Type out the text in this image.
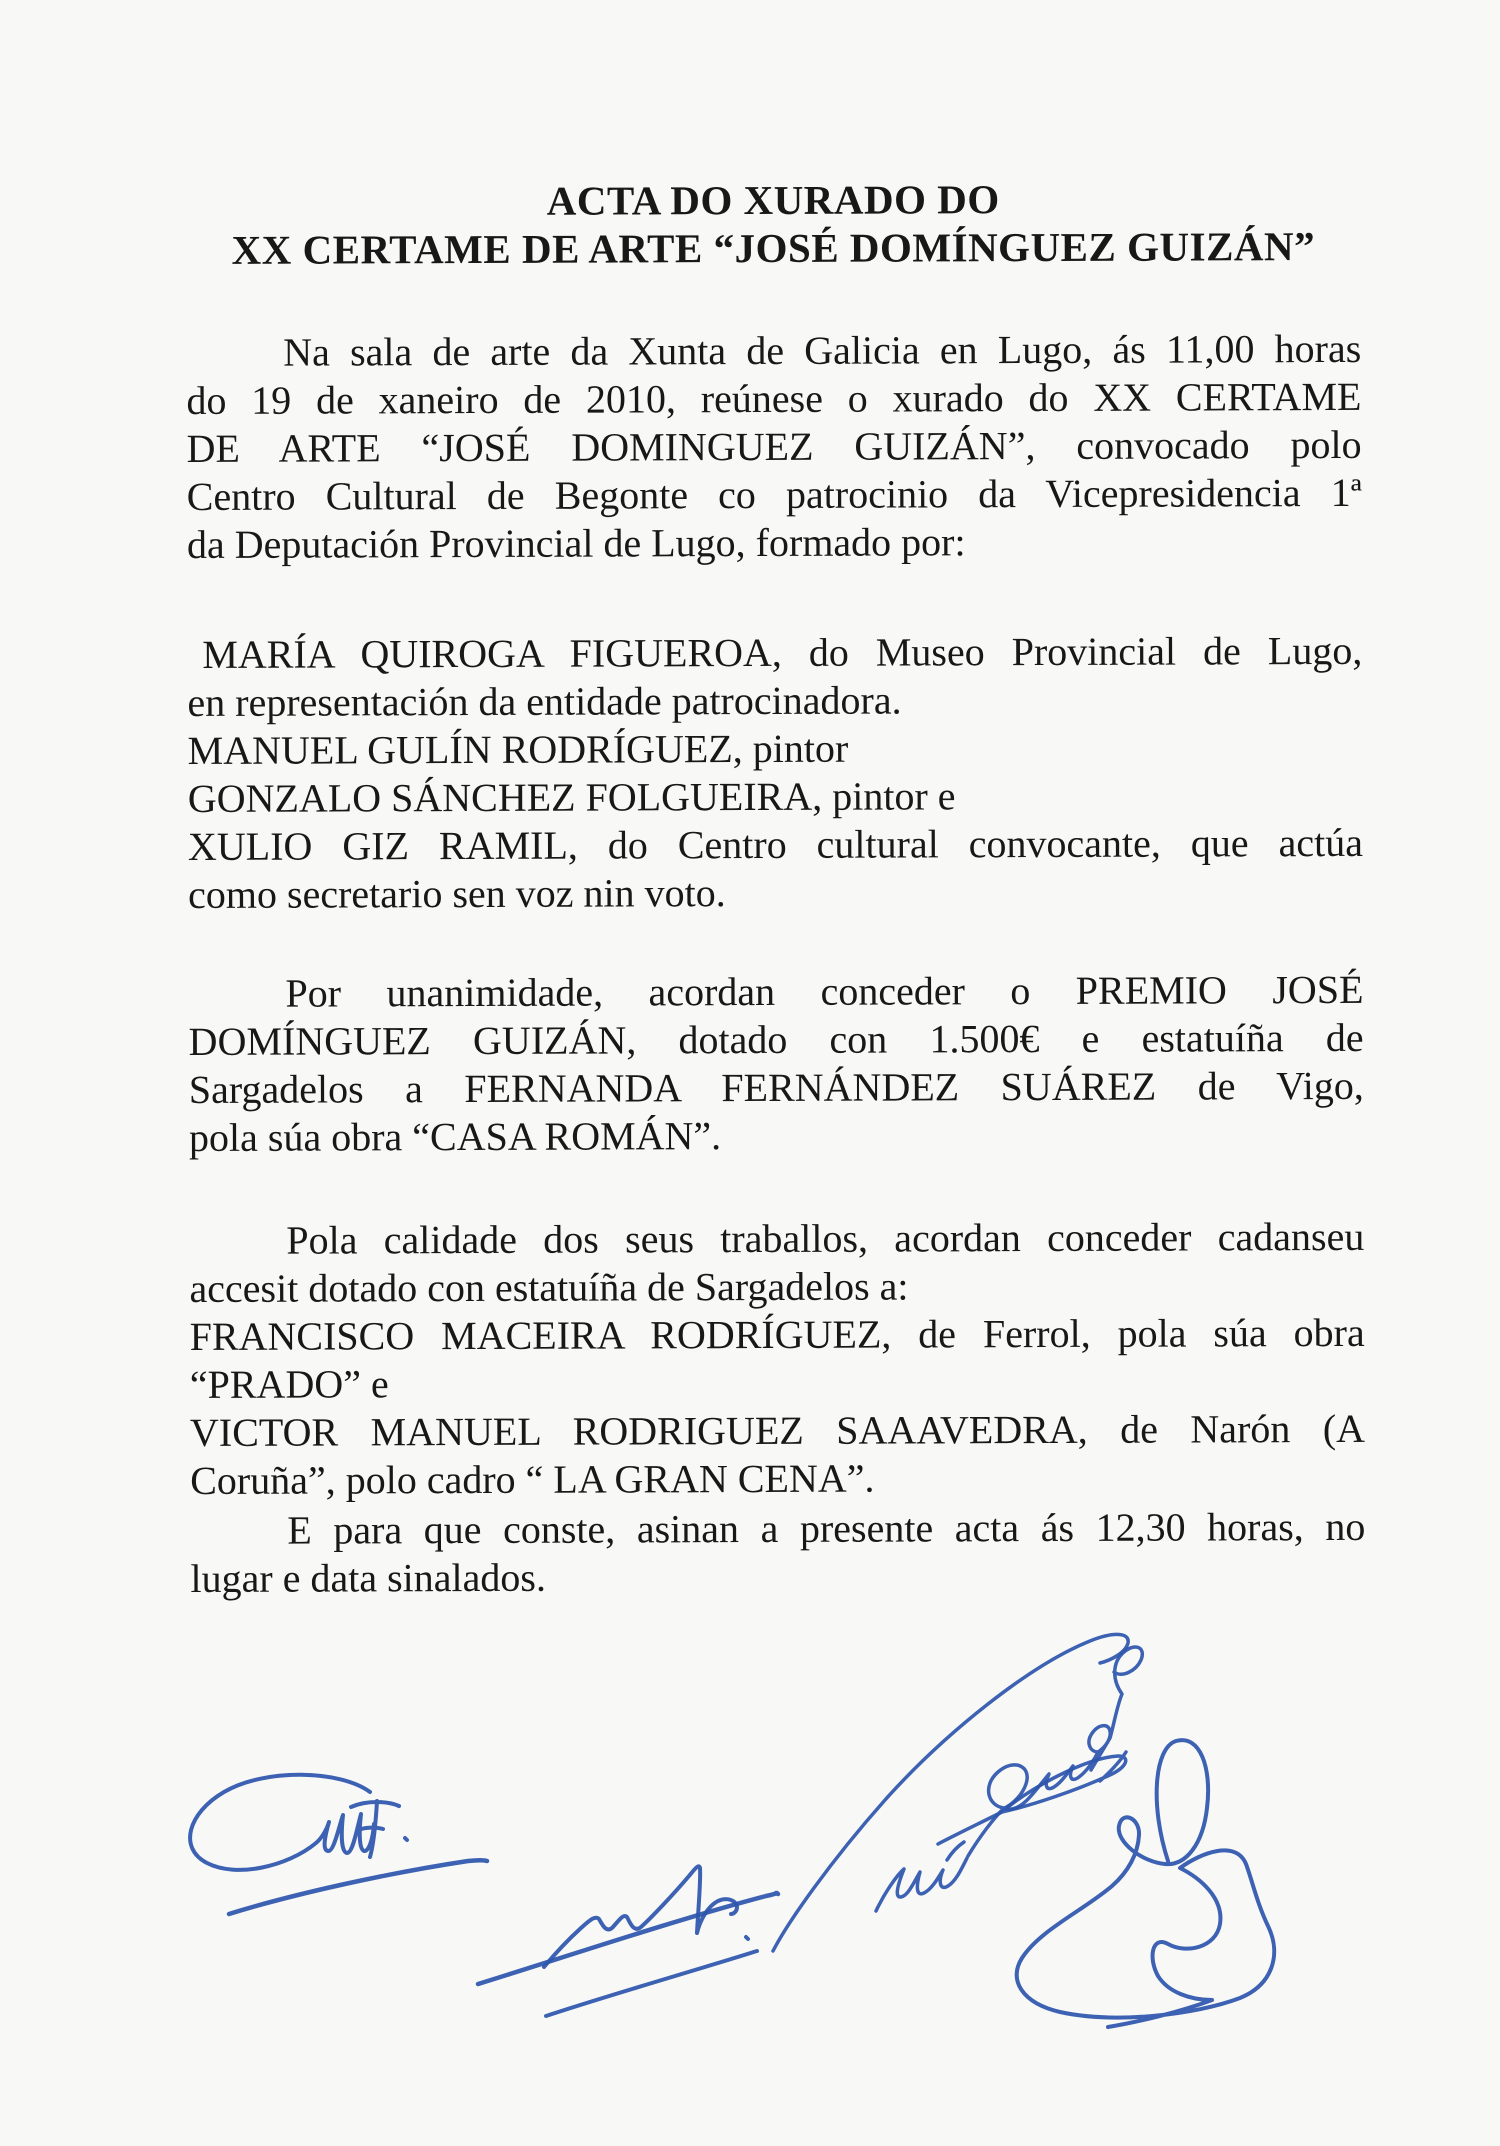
ACTA DO XURADO DO
XX CERTAME DE ARTE “JOSÉ DOMÍNGUEZ GUIZÁN”

Na sala de arte da Xunta de Galicia en Lugo, ás 11,00 horas
do 19 de xaneiro de 2010, reúnese o xurado do XX CERTAME
DE ARTE “JOSÉ DOMINGUEZ GUIZÁN”, convocado polo
Centro Cultural de Begonte co patrocinio da Vicepresidencia 1ª
da Deputación Provincial de Lugo, formado por:

MARÍA QUIROGA FIGUEROA, do Museo Provincial de Lugo,
en representación da entidade patrocinadora.
MANUEL GULÍN RODRÍGUEZ, pintor
GONZALO SÁNCHEZ FOLGUEIRA, pintor e
XULIO GIZ RAMIL, do Centro cultural convocante, que actúa
como secretario sen voz nin voto.

Por unanimidade, acordan conceder o PREMIO JOSÉ
DOMÍNGUEZ GUIZÁN, dotado con 1.500€ e estatuíña de
Sargadelos a FERNANDA FERNÁNDEZ SUÁREZ de Vigo,
pola súa obra “CASA ROMÁN”.

Pola calidade dos seus traballos, acordan conceder cadanseu
accesit dotado con estatuíña de Sargadelos a:
FRANCISCO MACEIRA RODRÍGUEZ, de Ferrol, pola súa obra
“PRADO” e
VICTOR MANUEL RODRIGUEZ SAAAVEDRA, de Narón (A
Coruña”, polo cadro “ LA GRAN CENA”.

E para que conste, asinan a presente acta ás 12,30 horas, no
lugar e data sinalados.
